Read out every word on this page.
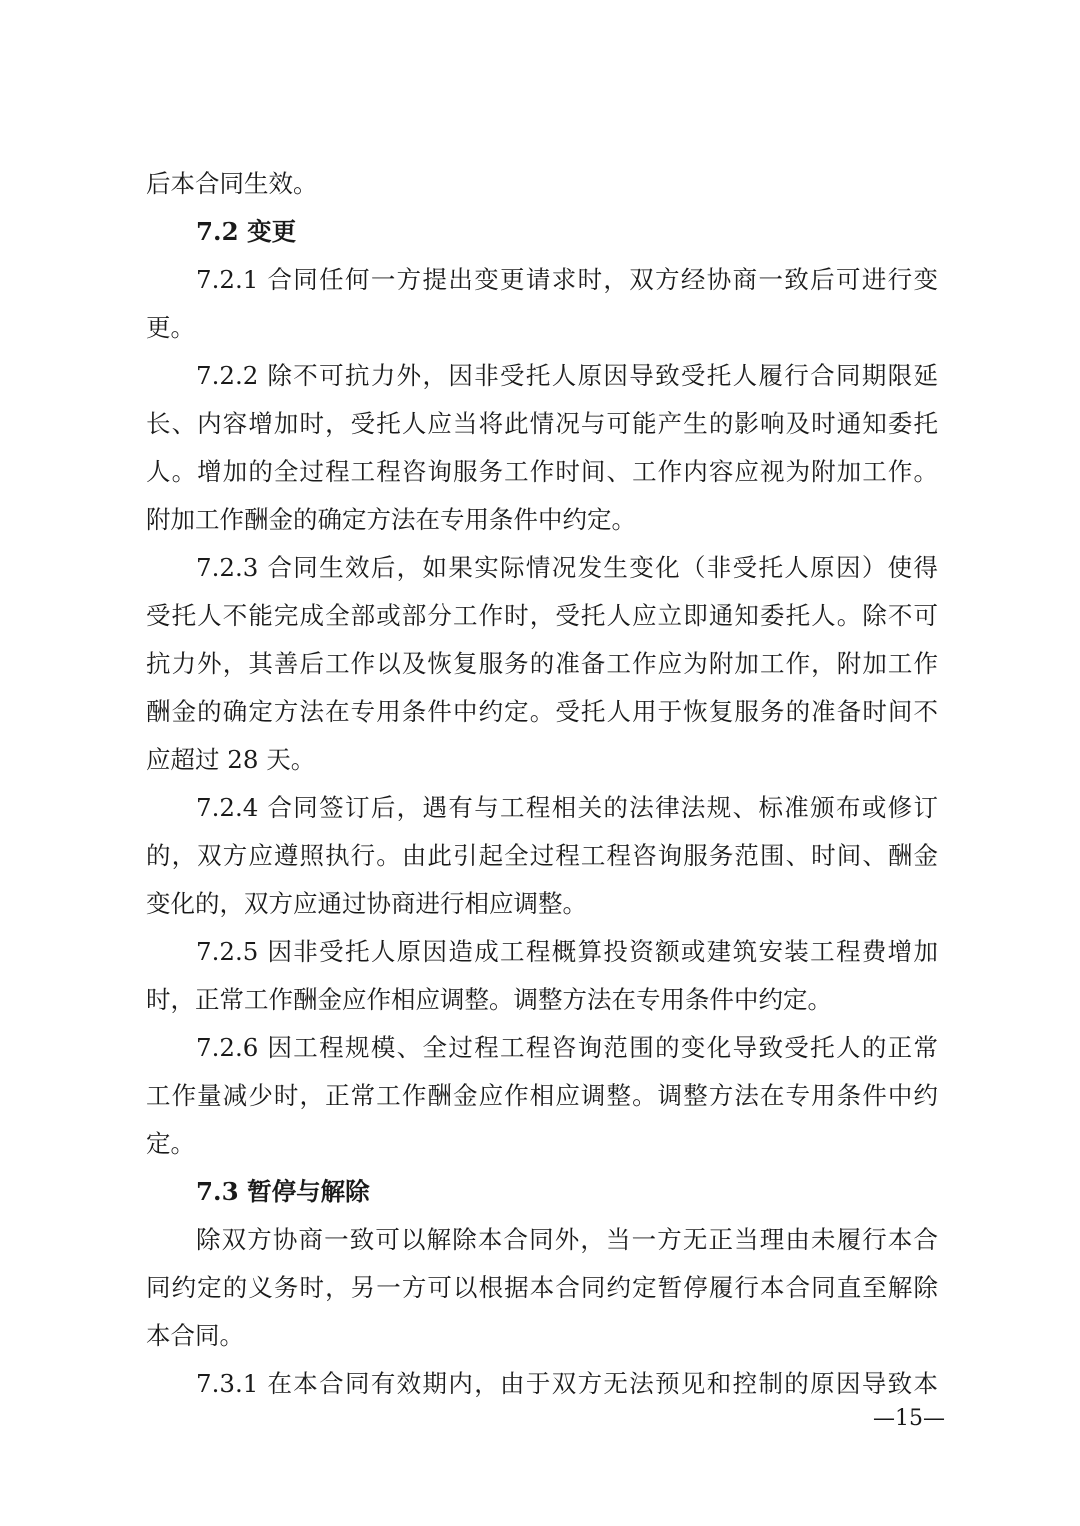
后本合同生效。
7.2 变更
7.2.1 合同任何一方提出变更请求时，双方经协商一致后可进行变
更。
7.2.2 除不可抗力外，因非受托人原因导致受托人履行合同期限延
长、内容增加时，受托人应当将此情况与可能产生的影响及时通知委托
人。增加的全过程工程咨询服务工作时间、工作内容应视为附加工作。
附加工作酬金的确定方法在专用条件中约定。
7.2.3 合同生效后，如果实际情况发生变化（非受托人原因）使得
受托人不能完成全部或部分工作时，受托人应立即通知委托人。除不可
抗力外，其善后工作以及恢复服务的准备工作应为附加工作，附加工作
酬金的确定方法在专用条件中约定。受托人用于恢复服务的准备时间不
应超过 28 天。
7.2.4 合同签订后，遇有与工程相关的法律法规、标准颁布或修订
的，双方应遵照执行。由此引起全过程工程咨询服务范围、时间、酬金
变化的，双方应通过协商进行相应调整。
7.2.5 因非受托人原因造成工程概算投资额或建筑安装工程费增加
时，正常工作酬金应作相应调整。调整方法在专用条件中约定。
7.2.6 因工程规模、全过程工程咨询范围的变化导致受托人的正常
工作量减少时，正常工作酬金应作相应调整。调整方法在专用条件中约
定。
7.3 暂停与解除
除双方协商一致可以解除本合同外，当一方无正当理由未履行本合
同约定的义务时，另一方可以根据本合同约定暂停履行本合同直至解除
本合同。
7.3.1 在本合同有效期内，由于双方无法预见和控制的原因导致本
—15—
